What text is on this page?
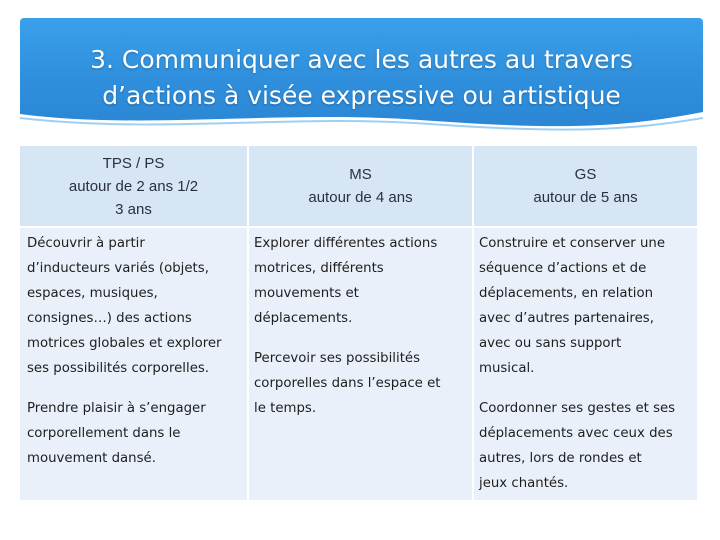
3. Communiquer avec les autres au travers
d’actions à visée expressive ou artistique
TPS / PS
autour de 2 ans 1/2
3 ans
MS
autour de 4 ans
GS
autour de 5 ans
Découvrir à partir
d’inducteurs variés (objets,
espaces, musiques,
consignes…) des actions
motrices globales et explorer
ses possibilités corporelles.
Prendre plaisir à s’engager
corporellement dans le
mouvement dansé.
Explorer différentes actions
motrices, différents
mouvements et
déplacements.
Percevoir ses possibilités
corporelles dans l’espace et
le temps.
Construire et conserver une
séquence d’actions et de
déplacements, en relation
avec d’autres partenaires,
avec ou sans support
musical.
Coordonner ses gestes et ses
déplacements avec ceux des
autres, lors de rondes et
jeux chantés.
